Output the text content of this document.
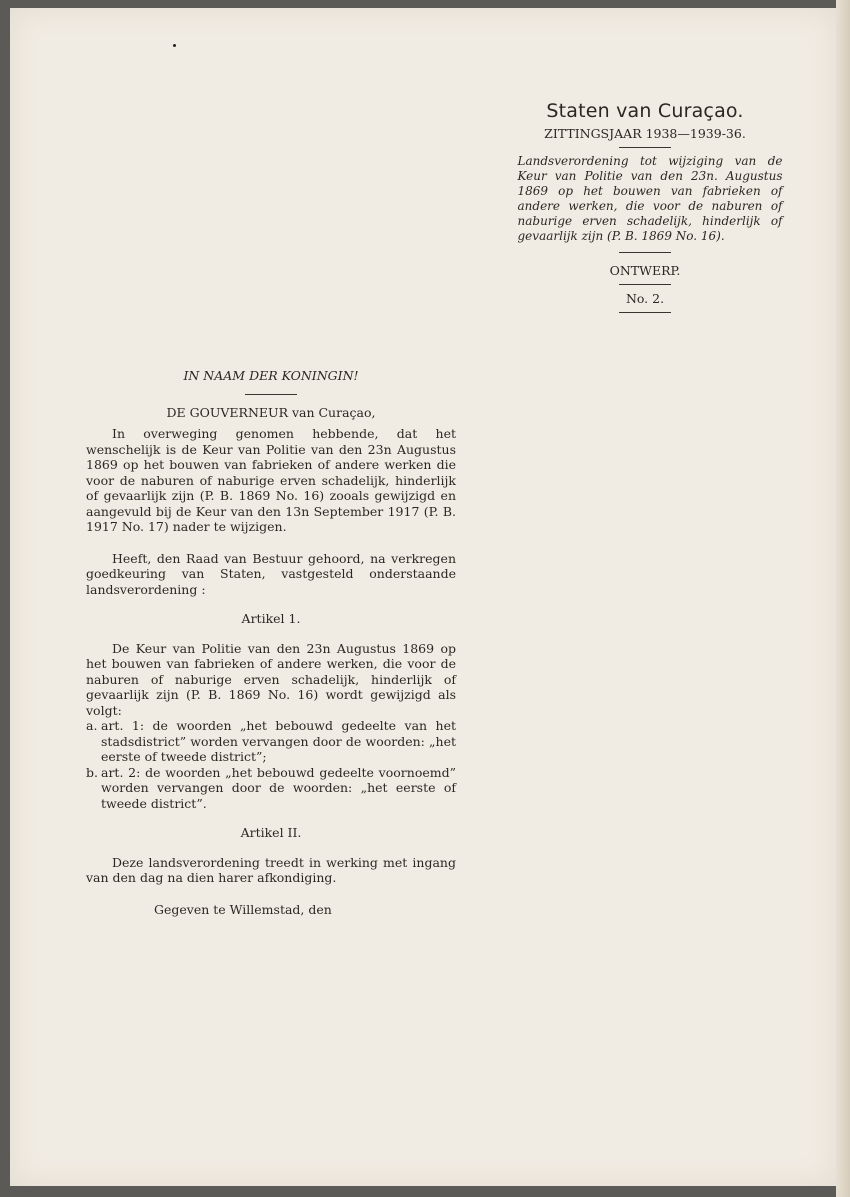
Staten van Curaçao.
ZITTINGSJAAR 1938—1939-36.
Landsverordening tot wijziging van de Keur van Politie van den 23n. Augustus 1869 op het bouwen van fabrieken of andere werken, die voor de naburen of naburige erven schadelijk, hinderlijk of gevaarlijk zijn (P. B. 1869 No. 16).
ONTWERP.
No. 2.
IN NAAM DER KONINGIN!
DE GOUVERNEUR van Curaçao,
In overweging genomen hebbende, dat het wenschelijk is de Keur van Politie van den 23n Augustus 1869 op het bouwen van fabrieken of andere werken die voor de naburen of naburige erven schadelijk, hinderlijk of gevaarlijk zijn (P. B. 1869 No. 16) zooals gewijzigd en aangevuld bij de Keur van den 13n September 1917 (P. B. 1917 No. 17) nader te wijzigen.
Heeft, den Raad van Bestuur gehoord, na verkregen goedkeuring van Staten, vastgesteld onderstaande landsverordening :
Artikel 1.
De Keur van Politie van den 23n Augustus 1869 op het bouwen van fabrieken of andere werken, die voor de naburen of naburige erven schadelijk, hinderlijk of gevaarlijk zijn (P. B. 1869 No. 16) wordt gewijzigd als volgt:
a. art. 1: de woorden „het bebouwd gedeelte van het stadsdistrict” worden vervangen door de woorden: „het eerste of tweede district”;
b. art. 2: de woorden „het bebouwd gedeelte voornoemd” worden vervangen door de woorden: „het eerste of tweede district”.
Artikel II.
Deze landsverordening treedt in werking met ingang van den dag na dien harer afkondiging.
Gegeven te Willemstad, den
